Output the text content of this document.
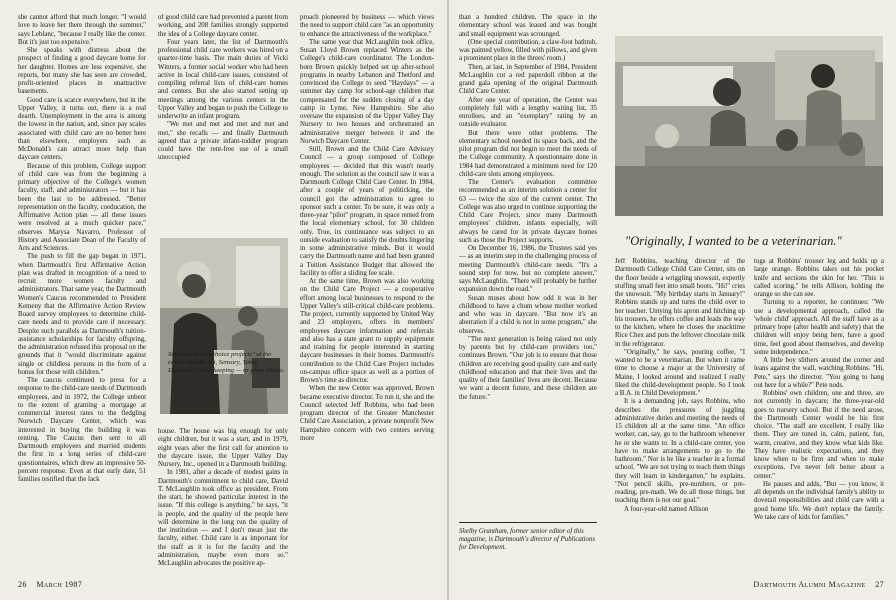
she cannot afford that much longer. "I would love to leave her there through the summer," says Leblanc, "because I really like the center. But it's just too expensive."

She speaks with distress about the prospect of finding a good daycare home for her daughter. Homes are less expensive, she reports, but many she has seen are crowded, profit-oriented places in unattractive basements.

Good care is scarce everywhere, but in the Upper Valley, it turns out, there is a real dearth. Unemployment in the area is among the lowest in the nation, and, since pay scales associated with child care are no better here than elsewhere, employers such as McDonald's can attract more help than daycare centers.

Because of this problem, College support of child care was from the beginning a primary objective of the College's women faculty, staff, and administrators — but it has been the last to be addressed. "Better representation on the faculty, coeducation, the Affirmative Action plan — all these issues were resolved at a much quicker pace," observes Marysa Navarro, Professor of History and Associate Dean of the Faculty of Arts and Sciences.

The push to fill the gap began in 1971, when Dartmouth's first Affirmative Action plan was drafted in recognition of a need to recruit more women faculty and administrators. That same year, the Dartmouth Women's Caucus recommended to President Kemeny that the Affirmative Action Review Board survey employees to determine child-care needs and to provide care if necessary. Despite such parallels as Dartmouth's tuition-assistance scholarships for faculty offspring, the administration refused this proposal on the grounds that it "would discriminate against single or childless persons in the form of a bonus for those with children."

The caucus continued to press for a response to the child-care needs of Dartmouth employees, and in 1972, the College unbent to the extent of granting a mortgage at commercial interest rates to the fledgling Norwich Daycare Center, which was interested in buying the building it was renting. The Caucus then sent to all Dartmouth employees and married students the first in a long series of child-care questionnaires, which drew an impressive 50-percent response. Even at that early date, 51 families testified that the lack

of good child care had prevented a parent from working, and 208 families strongly supported the idea of a College daycare center.

Four years later, the list of Dartmouth's professional child care workers was hired on a quarter-time basis. The main duties of Vicki Winters, a former social worker who had been active in local child-care issues, consisted of compiling referral lists of child-care homes and centers. But she also started setting up meetings among the various centers in the Upper Valley and began to push the College to underwrite an infant program.

"We met and met and met and met and met," she recalls — and finally Dartmouth agreed that a private infant-toddler program could have the rent-free use of a small unoccupied

Supervised "pre-choice projects" at the center include Art, Sensory, Table, Dramatic, Housekeeping — or plain blocks.

house. The house was big enough for only eight children, but it was a start, and in 1979, eight years after the first call for attention to the daycare issue, the Upper Valley Day Nursery, Inc., opened in a Dartmouth building.

In 1981, after a decade of modest gains in Dartmouth's commitment to child care, David T. McLaughlin took office as president. From the start, he showed particular interest in the issue. "If this college is anything," he says, "it is people, and the quality of the people here will determine in the long run the quality of the institution — and I don't mean just the faculty, either. Child care is as important for the staff as it is for the faculty and the administration, maybe even more so." McLaughlin advocates the positive ap-

proach pioneered by business — which views the need to support child care "as an opportunity to enhance the attractiveness of the workplace."

The same year that McLaughlin took office, Susan Lloyd Brown replaced Winters as the College's child-care coordinator. The London-born Brown quickly helped set up after-school programs in nearby Lebanon and Thetford and convinced the College to seed "Haydays" — a summer day camp for school-age children that compensated for the sudden closing of a day camp in Lyme, New Hampshire. She also oversaw the expansion of the Upper Valley Day Nursery to two houses and orchestrated an administrative merger between it and the Norwich Daycare Center.

Still, Brown and the Child Care Advisory Council — a group composed of College employees — decided that this wasn't nearly enough. The solution as the council saw it was a Dartmouth College Child Care Center. In 1984, after a couple of years of politicking, the council got the administration to agree to sponsor such a center. To be sure, it was only a three-year "pilot" program, in space rented from the local elementary school, for 30 children only. True, its continuance was subject to an outside evaluation to satisfy the doubts lingering in some administrative minds. But it would carry the Dartmouth name and had been granted a Tuition Assistance Budget that allowed the facility to offer a sliding fee scale.

At the same time, Brown was also working on the Child Care Project — a cooperative effort among local businesses to respond to the Upper Valley's still-critical child-care problems. The project, currently supported by United Way and 23 employers, offers its members' employees daycare information and referrals and also has a state grant to supply equipment and training for people interested in starting daycare businesses in their homes. Dartmouth's contribution to the Child Care Project includes on-campus office space as well as a portion of Brown's time as director.

When the new Center was approved, Brown became executive director. To run it, she and the Council selected Jeff Robbins, who had been program director of the Greater Manchester Child Care Association, a private nonprofit New Hampshire concern with two centers serving more

26 March 1987

than a hundred children. The space in the elementary school was leased and was bought and small equipment was scrounged.

(One special contribution, a claw-foot bathtub, was painted yellow, filled with pillows, and given a prominent place in the threes' room.)

Then, at last, in September of 1984, President McLaughlin cut a red paperdoll ribbon at the grand gala opening of the original Dartmouth Child Care Center.

After one year of operation, the Center was completely full with a lengthy waiting list, 35 enrollees, and an "exemplary" rating by an outside evaluator.

But there were other problems. The elementary school needed its space back, and the pilot program did not begin to meet the needs of the College community. A questionnaire done in 1984 had demonstrated a minimum need for 120 child-care slots among employees.

The Center's evaluation committee recommended as an interim solution a center for 63 — twice the size of the current center. The College was also urged to continue supporting the Child Care Project, since many Dartmouth employees' children, infants especially, will always be cared for in private daycare homes such as those the Project supports.

On December 16, 1986, the Trustees said yes — as an interim step in the challenging process of meeting Dartmouth's child-care needs. "It's a sound step for now, but no complete answer," says McLaughlin. "There will probably be further expansion down the road."

Susan muses about how odd it was in her childhood to have a chum whose mother worked and who was in daycare. "But now it's an aberration if a child is not in some program," she observes.

"The next generation is being raised not only by parents but by child-care providers too," continues Brown. "Our job is to ensure that those children are receiving good quality care and early childhood education and that their lives and the quality of their families' lives are decent. Because we want a decent future, and these children are the future."

Shelby Grantham, former senior editor of this magazine, is Dartmouth's director of Publications for Development.
"Originally, I wanted to be a veterinarian."

Jeff Robbins, teaching director of the Dartmouth College Child Care Center, sits on the floor beside a wriggling snowsuit, expertly stuffing small feet into small boots. "Hi!" cries the snowsuit. "My birthday starts in January!" Robbins stands up and turns the child over to her teacher. Untying his apron and hitching up his trousers, he offers coffee and leads the way to the kitchen, where he closes the snacktime Rice Chex and puts the leftover chocolate milk in the refrigerator.

"Originally," he says, pouring coffee, "I wanted to be a veterinarian. But when it came time to choose a major at the University of Maine, I looked around and realized I really liked the child-development people. So I took a B.A. in Child Development."

It is a demanding job, says Robbins, who describes the pressures of juggling administrative duties and meeting the needs of 15 children all at the same time. "An office worker, can, say, go to the bathroom whenever he or she wants to. In a child-care center, you have to make arrangements to go to the bathroom." Nor is he like a teacher in a formal school. "We are not trying to teach them things they will learn in kindergarten," he explains. "Not pencil skills, pre-numbers, or pre-reading, pre-math. We do all those things, but teaching them is not our goal."

A four-year-old named Allison

tugs at Robbins' trouser leg and holds up a large orange. Robbins takes out his pocket knife and sections the skin for her. "This is called scoring," he tells Allison, holding the orange so she can see.

Turning to a reporter, he continues: "We use a developmental approach, called the 'whole child' approach. All the staff have as a primary hope (after health and safety) that the children will enjoy being here, have a good time, feel good about themselves, and develop some independence."

A little boy slithers around the corner and leans against the wall, watching Robbins. "Hi, Pete," says the director. "You going to hang out here for a while?" Pete nods.

Robbins' own children, one and three, are not currently in daycare; the three-year-old goes to nursery school. But if the need arose, the Dartmouth Center would be his first choice. "The staff are excellent. I really like them. They are tuned in, calm, patient, fun, warm, creative, and they know what kids like. They have realistic expectations, and they know when to be firm and when to make exceptions. I've never felt better about a center."

He pauses and adds, "But — you know, it all depends on the individual family's ability to dovetail responsibilities and child care with a good home life. We don't replace the family. We take care of kids for families."

Dartmouth Alumni Magazine 27
